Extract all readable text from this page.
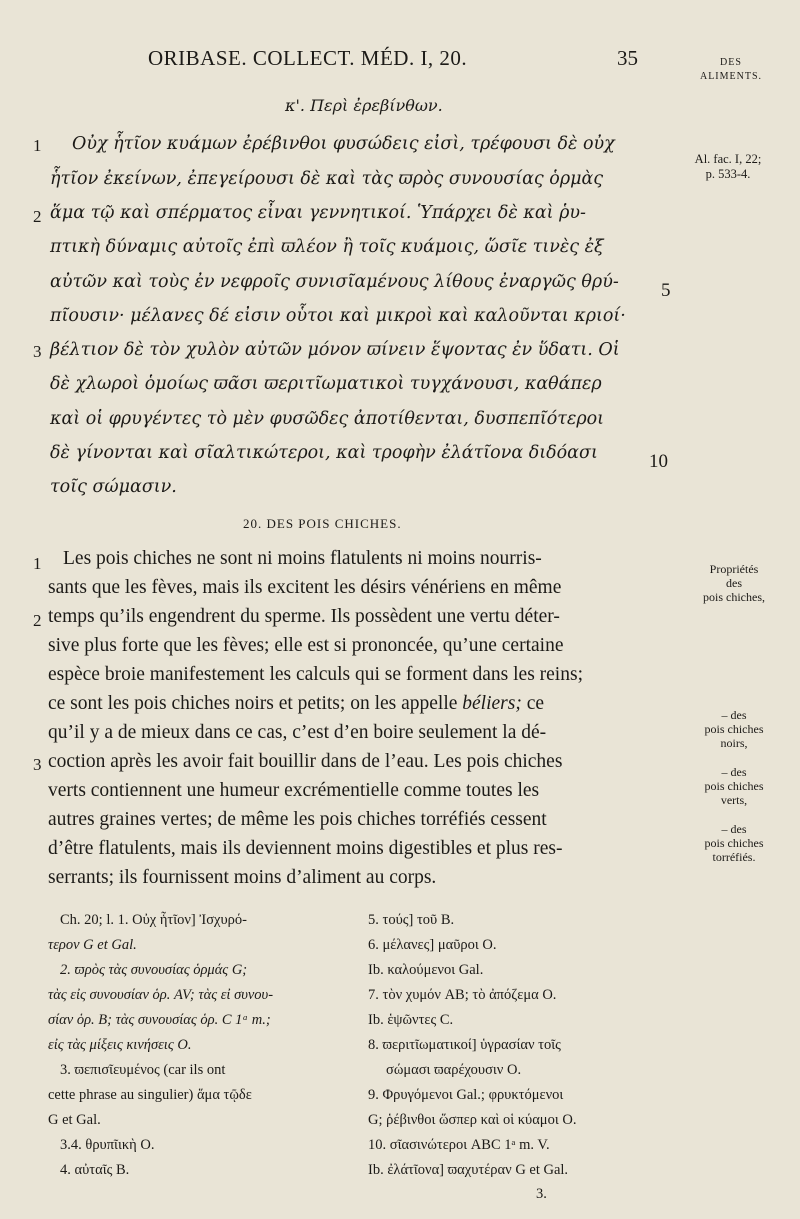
ORIBASE. COLLECT. MÉD. I, 20.	35	DES
ALIMENTS.
κ'. Περὶ ἐρεβίνθων.
Al. fac. I, 22;
p. 533-4.
1
2
3
Οὐχ ἧτῖον κυάμων ἐρέβινθοι φυσώδεις εἰσὶ, τρέφουσι δὲ οὐχ
ἧτῖον ἐκείνων, ἐπεγείρουσι δὲ καὶ τὰς ϖρὸς συνουσίας ὁρμὰς
ἅμα τῷ καὶ σπέρματος εἶναι γεννητικοί. Ὑπάρχει δὲ καὶ ῥυ-
πτικὴ δύναμις αὐτοῖς ἐπὶ ϖλέον ἢ τοῖς κυάμοις, ὥσῖε τινὲς ἐξ
αὐτῶν καὶ τοὺς ἐν νεφροῖς συνισῖαμένους λίθους ἐναργῶς θρύ-
πῖουσιν· μέλανες δέ εἰσιν οὗτοι καὶ μικροὶ καὶ καλοῦνται κριοί·
βέλτιον δὲ τὸν χυλὸν αὐτῶν μόνον ϖίνειν ἕψοντας ἐν ὕδατι. Οἱ
δὲ χλωροὶ ὁμοίως ϖᾶσι ϖεριτῖωματικοὶ τυγχάνουσι, καθάπερ
καὶ οἱ φρυγέντες τὸ μὲν φυσῶδες ἀποτίθενται, δυσπεπῖότεροι
δὲ γίνονται καὶ σῖαλτικώτεροι, καὶ τροφὴν ἐλάτῖονα διδόασι
τοῖς σώμασιν.
5
10
20. DES POIS CHICHES.
1
2
3
Les pois chiches ne sont ni moins flatulents ni moins nourris-
sants que les fèves, mais ils excitent les désirs vénériens en même
temps qu’ils engendrent du sperme. Ils possèdent une vertu déter-
sive plus forte que les fèves; elle est si prononcée, qu’une certaine
espèce broie manifestement les calculs qui se forment dans les reins;
ce sont les pois chiches noirs et petits; on les appelle béliers; ce
qu’il y a de mieux dans ce cas, c’est d’en boire seulement la dé-
coction après les avoir fait bouillir dans de l’eau. Les pois chiches
verts contiennent une humeur excrémentielle comme toutes les
autres graines vertes; de même les pois chiches torréfiés cessent
d’être flatulents, mais ils deviennent moins digestibles et plus res-
serrants; ils fournissent moins d’aliment au corps.
Propriétés
des
pois chiches,
– des
pois chiches
noirs,
– des
pois chiches
verts,
– des
pois chiches
torréfiés.
Ch. 20; l. 1. Οὐχ ἧτῖον] Ἰσχυρό-
τερον G et Gal.
2. ϖρὸς τὰς συνουσίας ὁρμάς G;
τὰς εἰς συνουσίαν ὁρ. AV; τὰς εἰ συνου-
σίαν ὁρ. B; τὰς συνουσίας ὁρ. C 1ᵃ m.;
εἰς τὰς μίξεις κινήσεις O.
3. ϖεπισῖευμένος (car ils ont
cette phrase au singulier) ἅμα τῷδε
G et Gal.
3.4. θρυπῖικὴ O.
4. αὐταῖς B.
5. τούς] τοῦ B.
6. μέλανες] μαῦροι O.
Ib. καλούμενοι Gal.
7. τὸν χυμόν AB; τὸ ἀπόζεμα O.
Ib. ἑψῶντες C.
8. ϖεριτῖωματικοί] ὑγρασίαν τοῖς
σώμασι ϖαρέχουσιν O.
9. Φρυγόμενοι Gal.; φρυκτόμενοι
G; ῥέβινθοι ὥσπερ καὶ οἱ κύαμοι O.
10. σῖασινώτεροι ABC 1ᵃ m. V.
Ib. ἐλάτῖονα] ϖαχυτέραν G et Gal.
3.
